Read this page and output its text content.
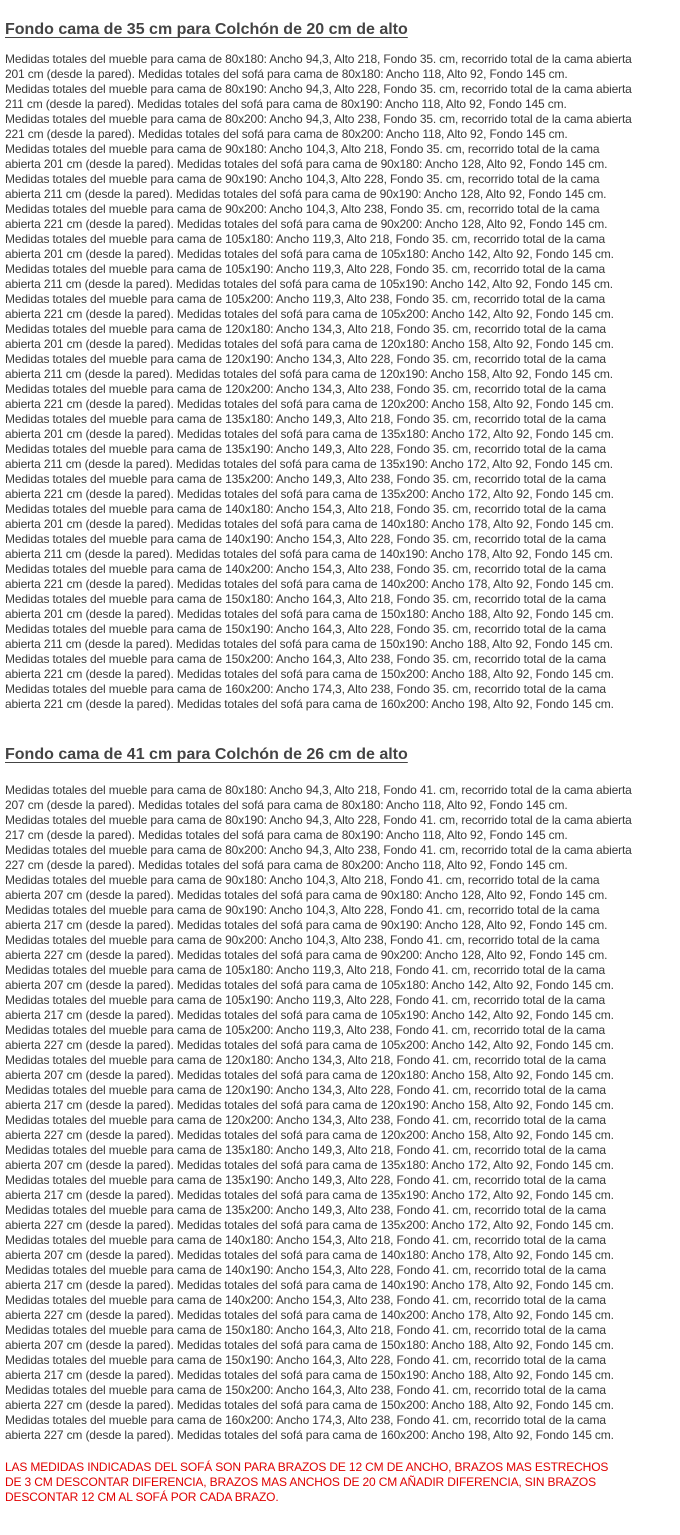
Fondo cama de 35 cm para Colchón de 20 cm de alto
Medidas totales del mueble para cama de 80x180: Ancho 94,3, Alto 218, Fondo 35. cm, recorrido total de la cama abierta
201 cm (desde la pared). Medidas totales del sofá para cama de 80x180: Ancho 118, Alto 92, Fondo 145 cm.
Medidas totales del mueble para cama de 80x190: Ancho 94,3, Alto 228, Fondo 35. cm, recorrido total de la cama abierta
211 cm (desde la pared). Medidas totales del sofá para cama de 80x190: Ancho 118, Alto 92, Fondo 145 cm.
Medidas totales del mueble para cama de 80x200: Ancho 94,3, Alto 238, Fondo 35. cm, recorrido total de la cama abierta
221 cm (desde la pared). Medidas totales del sofá para cama de 80x200: Ancho 118, Alto 92, Fondo 145 cm.
Medidas totales del mueble para cama de 90x180: Ancho 104,3, Alto 218, Fondo 35. cm, recorrido total de la cama
abierta 201 cm (desde la pared). Medidas totales del sofá para cama de 90x180: Ancho 128, Alto 92, Fondo 145 cm.
Medidas totales del mueble para cama de 90x190: Ancho 104,3, Alto 228, Fondo 35. cm, recorrido total de la cama
abierta 211 cm (desde la pared). Medidas totales del sofá para cama de 90x190: Ancho 128, Alto 92, Fondo 145 cm.
Medidas totales del mueble para cama de 90x200: Ancho 104,3, Alto 238, Fondo 35. cm, recorrido total de la cama
abierta 221 cm (desde la pared). Medidas totales del sofá para cama de 90x200: Ancho 128, Alto 92, Fondo 145 cm.
Medidas totales del mueble para cama de 105x180: Ancho 119,3, Alto 218, Fondo 35. cm, recorrido total de la cama
abierta 201 cm (desde la pared). Medidas totales del sofá para cama de 105x180: Ancho 142, Alto 92, Fondo 145 cm.
Medidas totales del mueble para cama de 105x190: Ancho 119,3, Alto 228, Fondo 35. cm, recorrido total de la cama
abierta 211 cm (desde la pared). Medidas totales del sofá para cama de 105x190: Ancho 142, Alto 92, Fondo 145 cm.
Medidas totales del mueble para cama de 105x200: Ancho 119,3, Alto 238, Fondo 35. cm, recorrido total de la cama
abierta 221 cm (desde la pared). Medidas totales del sofá para cama de 105x200: Ancho 142, Alto 92, Fondo 145 cm.
Medidas totales del mueble para cama de 120x180: Ancho 134,3, Alto 218, Fondo 35. cm, recorrido total de la cama
abierta 201 cm (desde la pared). Medidas totales del sofá para cama de 120x180: Ancho 158, Alto 92, Fondo 145 cm.
Medidas totales del mueble para cama de 120x190: Ancho 134,3, Alto 228, Fondo 35. cm, recorrido total de la cama
abierta 211 cm (desde la pared). Medidas totales del sofá para cama de 120x190: Ancho 158, Alto 92, Fondo 145 cm.
Medidas totales del mueble para cama de 120x200: Ancho 134,3, Alto 238, Fondo 35. cm, recorrido total de la cama
abierta 221 cm (desde la pared). Medidas totales del sofá para cama de 120x200: Ancho 158, Alto 92, Fondo 145 cm.
Medidas totales del mueble para cama de 135x180: Ancho 149,3, Alto 218, Fondo 35. cm, recorrido total de la cama
abierta 201 cm (desde la pared). Medidas totales del sofá para cama de 135x180: Ancho 172, Alto 92, Fondo 145 cm.
Medidas totales del mueble para cama de 135x190: Ancho 149,3, Alto 228, Fondo 35. cm, recorrido total de la cama
abierta 211 cm (desde la pared). Medidas totales del sofá para cama de 135x190: Ancho 172, Alto 92, Fondo 145 cm.
Medidas totales del mueble para cama de 135x200: Ancho 149,3, Alto 238, Fondo 35. cm, recorrido total de la cama
abierta 221 cm (desde la pared). Medidas totales del sofá para cama de 135x200: Ancho 172, Alto 92, Fondo 145 cm.
Medidas totales del mueble para cama de 140x180: Ancho 154,3, Alto 218, Fondo 35. cm, recorrido total de la cama
abierta 201 cm (desde la pared). Medidas totales del sofá para cama de 140x180: Ancho 178, Alto 92, Fondo 145 cm.
Medidas totales del mueble para cama de 140x190: Ancho 154,3, Alto 228, Fondo 35. cm, recorrido total de la cama
abierta 211 cm (desde la pared). Medidas totales del sofá para cama de 140x190: Ancho 178, Alto 92, Fondo 145 cm.
Medidas totales del mueble para cama de 140x200: Ancho 154,3, Alto 238, Fondo 35. cm, recorrido total de la cama
abierta 221 cm (desde la pared). Medidas totales del sofá para cama de 140x200: Ancho 178, Alto 92, Fondo 145 cm.
Medidas totales del mueble para cama de 150x180: Ancho 164,3, Alto 218, Fondo 35. cm, recorrido total de la cama
abierta 201 cm (desde la pared). Medidas totales del sofá para cama de 150x180: Ancho 188, Alto 92, Fondo 145 cm.
Medidas totales del mueble para cama de 150x190: Ancho 164,3, Alto 228, Fondo 35. cm, recorrido total de la cama
abierta 211 cm (desde la pared). Medidas totales del sofá para cama de 150x190: Ancho 188, Alto 92, Fondo 145 cm.
Medidas totales del mueble para cama de 150x200: Ancho 164,3, Alto 238, Fondo 35. cm, recorrido total de la cama
abierta 221 cm (desde la pared). Medidas totales del sofá para cama de 150x200: Ancho 188, Alto 92, Fondo 145 cm.
Medidas totales del mueble para cama de 160x200: Ancho 174,3, Alto 238, Fondo 35. cm, recorrido total de la cama
abierta 221 cm (desde la pared). Medidas totales del sofá para cama de 160x200: Ancho 198, Alto 92, Fondo 145 cm.
Fondo cama de 41 cm para Colchón de 26 cm de alto
Medidas totales del mueble para cama de 80x180: Ancho 94,3, Alto 218, Fondo 41. cm, recorrido total de la cama abierta
207 cm (desde la pared). Medidas totales del sofá para cama de 80x180: Ancho 118, Alto 92, Fondo 145 cm.
Medidas totales del mueble para cama de 80x190: Ancho 94,3, Alto 228, Fondo 41. cm, recorrido total de la cama abierta
217 cm (desde la pared). Medidas totales del sofá para cama de 80x190: Ancho 118, Alto 92, Fondo 145 cm.
Medidas totales del mueble para cama de 80x200: Ancho 94,3, Alto 238, Fondo 41. cm, recorrido total de la cama abierta
227 cm (desde la pared). Medidas totales del sofá para cama de 80x200: Ancho 118, Alto 92, Fondo 145 cm.
Medidas totales del mueble para cama de 90x180: Ancho 104,3, Alto 218, Fondo 41. cm, recorrido total de la cama
abierta 207 cm (desde la pared). Medidas totales del sofá para cama de 90x180: Ancho 128, Alto 92, Fondo 145 cm.
Medidas totales del mueble para cama de 90x190: Ancho 104,3, Alto 228, Fondo 41. cm, recorrido total de la cama
abierta 217 cm (desde la pared). Medidas totales del sofá para cama de 90x190: Ancho 128, Alto 92, Fondo 145 cm.
Medidas totales del mueble para cama de 90x200: Ancho 104,3, Alto 238, Fondo 41. cm, recorrido total de la cama
abierta 227 cm (desde la pared). Medidas totales del sofá para cama de 90x200: Ancho 128, Alto 92, Fondo 145 cm.
Medidas totales del mueble para cama de 105x180: Ancho 119,3, Alto 218, Fondo 41. cm, recorrido total de la cama
abierta 207 cm (desde la pared). Medidas totales del sofá para cama de 105x180: Ancho 142, Alto 92, Fondo 145 cm.
Medidas totales del mueble para cama de 105x190: Ancho 119,3, Alto 228, Fondo 41. cm, recorrido total de la cama
abierta 217 cm (desde la pared). Medidas totales del sofá para cama de 105x190: Ancho 142, Alto 92, Fondo 145 cm.
Medidas totales del mueble para cama de 105x200: Ancho 119,3, Alto 238, Fondo 41. cm, recorrido total de la cama
abierta 227 cm (desde la pared). Medidas totales del sofá para cama de 105x200: Ancho 142, Alto 92, Fondo 145 cm.
Medidas totales del mueble para cama de 120x180: Ancho 134,3, Alto 218, Fondo 41. cm, recorrido total de la cama
abierta 207 cm (desde la pared). Medidas totales del sofá para cama de 120x180: Ancho 158, Alto 92, Fondo 145 cm.
Medidas totales del mueble para cama de 120x190: Ancho 134,3, Alto 228, Fondo 41. cm, recorrido total de la cama
abierta 217 cm (desde la pared). Medidas totales del sofá para cama de 120x190: Ancho 158, Alto 92, Fondo 145 cm.
Medidas totales del mueble para cama de 120x200: Ancho 134,3, Alto 238, Fondo 41. cm, recorrido total de la cama
abierta 227 cm (desde la pared). Medidas totales del sofá para cama de 120x200: Ancho 158, Alto 92, Fondo 145 cm.
Medidas totales del mueble para cama de 135x180: Ancho 149,3, Alto 218, Fondo 41. cm, recorrido total de la cama
abierta 207 cm (desde la pared). Medidas totales del sofá para cama de 135x180: Ancho 172, Alto 92, Fondo 145 cm.
Medidas totales del mueble para cama de 135x190: Ancho 149,3, Alto 228, Fondo 41. cm, recorrido total de la cama
abierta 217 cm (desde la pared). Medidas totales del sofá para cama de 135x190: Ancho 172, Alto 92, Fondo 145 cm.
Medidas totales del mueble para cama de 135x200: Ancho 149,3, Alto 238, Fondo 41. cm, recorrido total de la cama
abierta 227 cm (desde la pared). Medidas totales del sofá para cama de 135x200: Ancho 172, Alto 92, Fondo 145 cm.
Medidas totales del mueble para cama de 140x180: Ancho 154,3, Alto 218, Fondo 41. cm, recorrido total de la cama
abierta 207 cm (desde la pared). Medidas totales del sofá para cama de 140x180: Ancho 178, Alto 92, Fondo 145 cm.
Medidas totales del mueble para cama de 140x190: Ancho 154,3, Alto 228, Fondo 41. cm, recorrido total de la cama
abierta 217 cm (desde la pared). Medidas totales del sofá para cama de 140x190: Ancho 178, Alto 92, Fondo 145 cm.
Medidas totales del mueble para cama de 140x200: Ancho 154,3, Alto 238, Fondo 41. cm, recorrido total de la cama
abierta 227 cm (desde la pared). Medidas totales del sofá para cama de 140x200: Ancho 178, Alto 92, Fondo 145 cm.
Medidas totales del mueble para cama de 150x180: Ancho 164,3, Alto 218, Fondo 41. cm, recorrido total de la cama
abierta 207 cm (desde la pared). Medidas totales del sofá para cama de 150x180: Ancho 188, Alto 92, Fondo 145 cm.
Medidas totales del mueble para cama de 150x190: Ancho 164,3, Alto 228, Fondo 41. cm, recorrido total de la cama
abierta 217 cm (desde la pared). Medidas totales del sofá para cama de 150x190: Ancho 188, Alto 92, Fondo 145 cm.
Medidas totales del mueble para cama de 150x200: Ancho 164,3, Alto 238, Fondo 41. cm, recorrido total de la cama
abierta 227 cm (desde la pared). Medidas totales del sofá para cama de 150x200: Ancho 188, Alto 92, Fondo 145 cm.
Medidas totales del mueble para cama de 160x200: Ancho 174,3, Alto 238, Fondo 41. cm, recorrido total de la cama
abierta 227 cm (desde la pared). Medidas totales del sofá para cama de 160x200: Ancho 198, Alto 92, Fondo 145 cm.
LAS MEDIDAS INDICADAS DEL SOFÁ SON PARA BRAZOS DE 12 CM DE ANCHO, BRAZOS MAS ESTRECHOS
DE 3 CM DESCONTAR DIFERENCIA, BRAZOS MAS ANCHOS DE 20 CM AÑADIR DIFERENCIA, SIN BRAZOS
DESCONTAR 12 CM AL SOFÁ POR CADA BRAZO.
